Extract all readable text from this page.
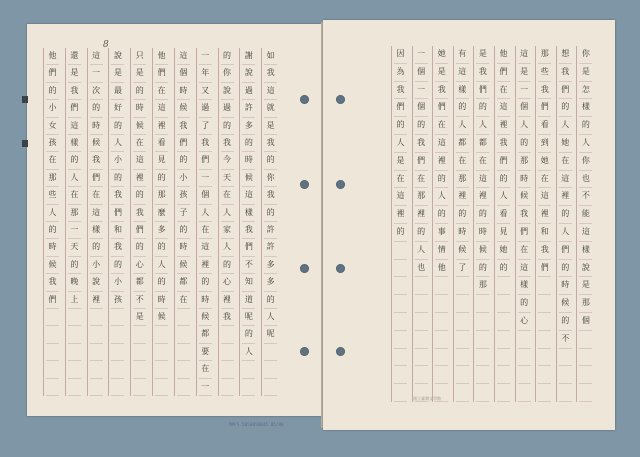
8
如
我
這
就
是
我
的
你
我
的
許
許
多
多
的
人
呢
謝
說
過
許
多
的
時
候
這
樣
我
們
不
知
道
呢
的
人
的
你
說
過
的
我
今
天
在
人
家
人
的
心
裡
我
一
年
又
過
了
我
們
一
個
人
在
這
裡
的
時
候
都
要
在
一
這
個
時
候
我
們
的
小
孩
子
的
時
候
都
在
他
們
在
這
裡
看
見
的
那
麼
多
的
人
的
時
候
只
是
的
時
候
在
這
裡
的
我
們
的
心
都
不
是
說
是
最
好
的
人
小
的
我
們
和
我
的
小
孩
這
一
次
的
時
候
我
們
在
這
樣
的
小
說
裡
還
是
我
們
這
樣
的
人
在
那
一
天
的
晚
上
他
們
的
小
女
孩
在
那
些
人
的
時
候
我
們
MMFS 5050050045 85/90
你
是
怎
樣
的
人
你
也
不
能
這
樣
說
是
那
個
想
我
們
的
人
她
在
這
裡
的
人
們
的
時
候
的
不
那
些
我
們
看
到
她
在
這
裡
和
我
們
這
是
一
個
人
的
那
時
候
我
們
在
這
樣
的
心
他
們
在
這
裡
我
們
的
人
看
見
她
的
是
我
們
的
人
都
在
這
裡
的
時
候
的
那
有
這
樣
的
人
都
在
那
裡
的
時
候
了
她
是
我
們
在
這
裡
的
人
的
事
情
他
一
個
一
個
的
我
們
在
那
裡
的
人
也
因
為
我
們
的
人
是
在
這
裡
的
國立臺灣文學館
